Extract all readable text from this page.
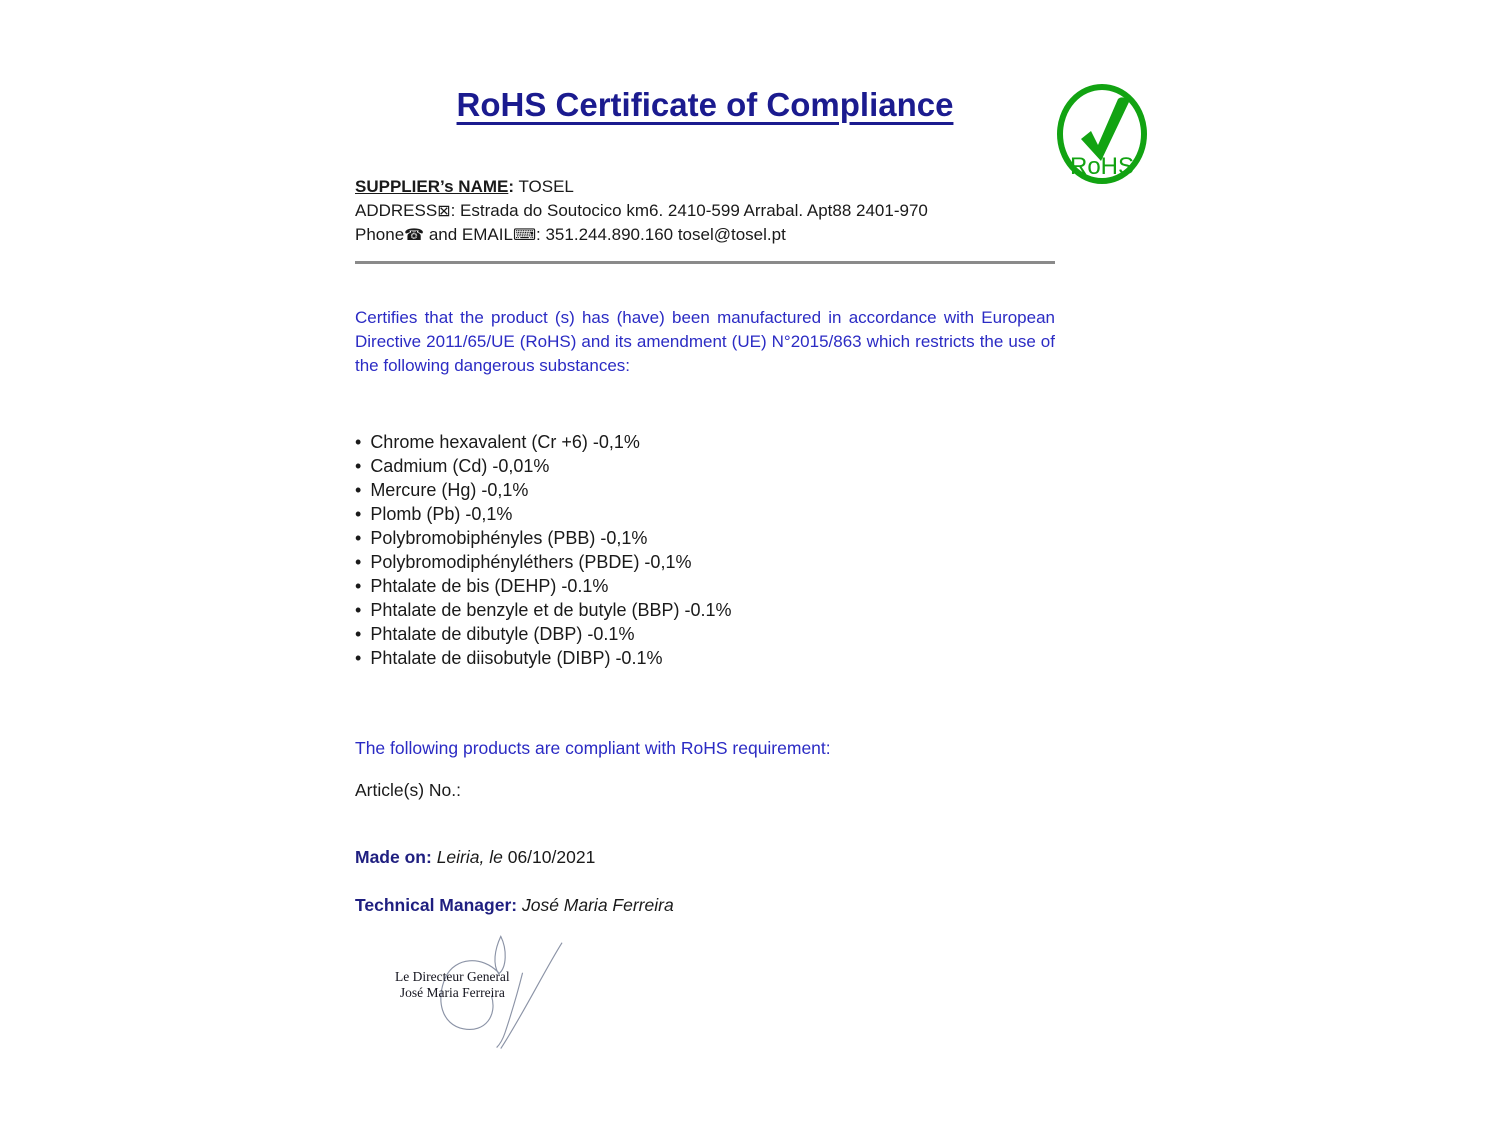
RoHS
RoHS Certificate of Compliance

SUPPLIER’s NAME: TOSEL

ADDRESS⊠: Estrada do Soutocico km6. 2410-599 Arrabal. Apt88 2401-970

Phone☎ and EMAIL⌨: 351.244.890.160 tosel@tosel.pt

Certifies that the product (s) has (have) been manufactured in accordance with European Directive 2011/65/UE (RoHS) and its amendment (UE) N°2015/863 which restricts the use of the following dangerous substances:

• Chrome hexavalent (Cr +6) -0,1%
• Cadmium (Cd) -0,01%
• Mercure (Hg) -0,1%
• Plomb (Pb) -0,1%
• Polybromobiphényles (PBB) -0,1%
• Polybromodiphényléthers (PBDE) -0,1%
• Phtalate de bis (DEHP) -0.1%
• Phtalate de benzyle et de butyle (BBP) -0.1%
• Phtalate de dibutyle (DBP) -0.1%
• Phtalate de diisobutyle (DIBP) -0.1%

The following products are compliant with RoHS requirement:

Article(s) No.:

Made on: Leiria, le 06/10/2021

Technical Manager: José Maria Ferreira

Le Directeur General
José Maria Ferreira
